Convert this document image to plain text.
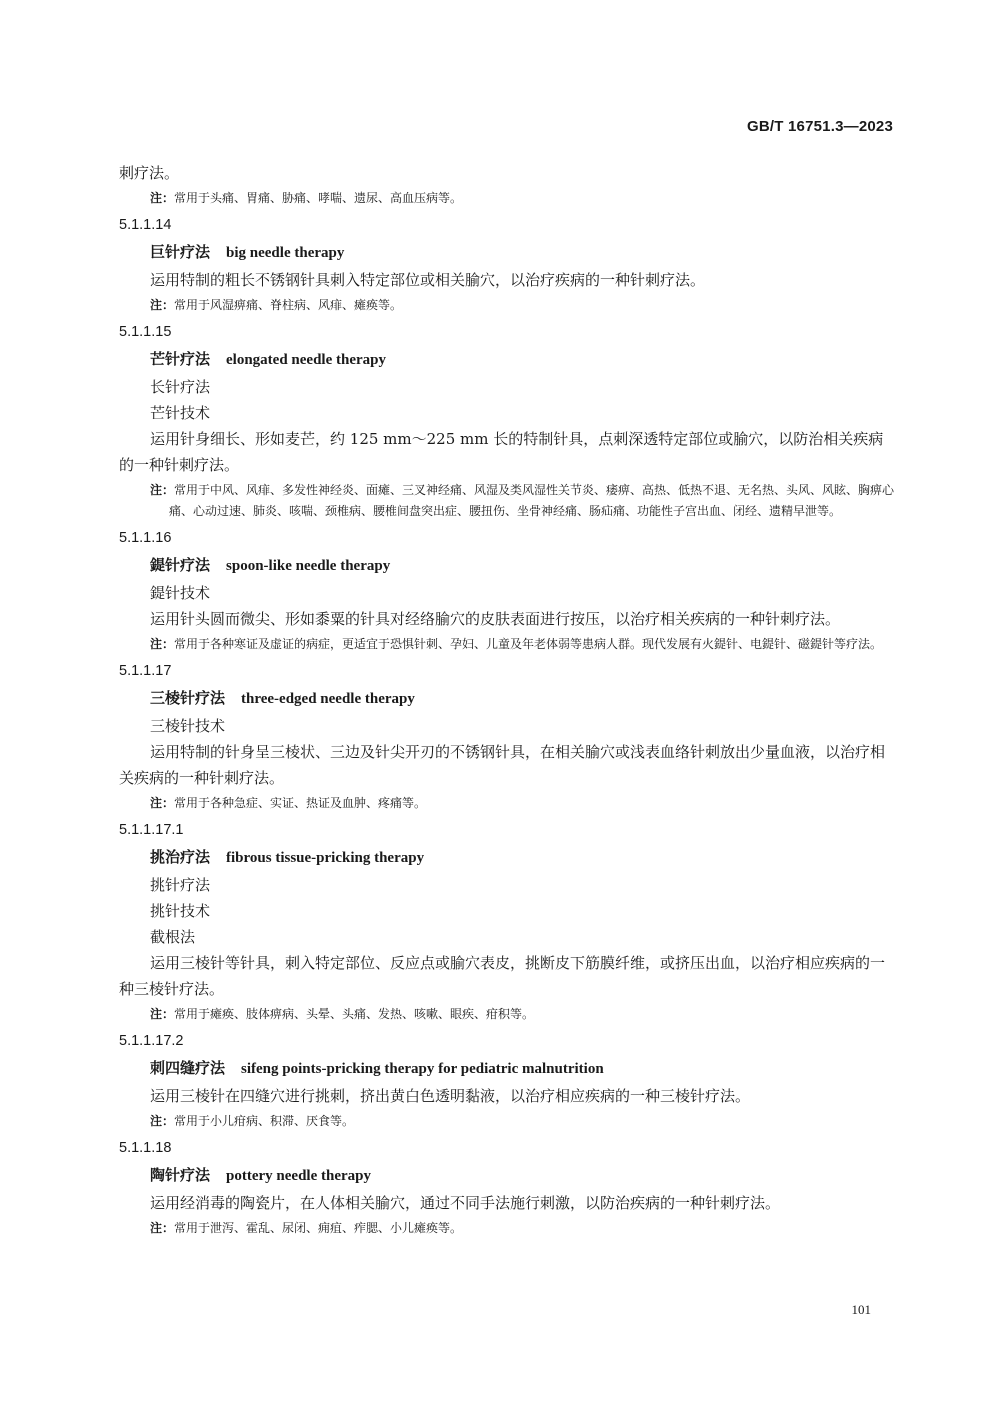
GB/T 16751.3—2023
刺疗法。
注：常用于头痛、胃痛、胁痛、哮喘、遗尿、高血压病等。
5.1.1.14
巨针疗法 big needle therapy
运用特制的粗长不锈钢针具刺入特定部位或相关腧穴，以治疗疾病的一种针刺疗法。
注：常用于风湿痹痛、脊柱病、风痱、瘫痪等。
5.1.1.15
芒针疗法 elongated needle therapy
长针疗法
芒针技术
运用针身细长、形如麦芒，约 125 mm～225 mm 长的特制针具，点刺深透特定部位或腧穴，以防治相关疾病的一种针刺疗法。
注：常用于中风、风痱、多发性神经炎、面瘫、三叉神经痛、风湿及类风湿性关节炎、痿痹、高热、低热不退、无名热、头风、风眩、胸痹心痛、心动过速、肺炎、咳喘、颈椎病、腰椎间盘突出症、腰扭伤、坐骨神经痛、肠疝痛、功能性子宫出血、闭经、遗精早泄等。
5.1.1.16
鍉针疗法 spoon-like needle therapy
鍉针技术
运用针头圆而微尖、形如黍粟的针具对经络腧穴的皮肤表面进行按压，以治疗相关疾病的一种针刺疗法。
注：常用于各种寒证及虚证的病症，更适宜于恐惧针刺、孕妇、儿童及年老体弱等患病人群。现代发展有火鍉针、电鍉针、磁鍉针等疗法。
5.1.1.17
三棱针疗法 three-edged needle therapy
三棱针技术
运用特制的针身呈三棱状、三边及针尖开刃的不锈钢针具，在相关腧穴或浅表血络针刺放出少量血液，以治疗相关疾病的一种针刺疗法。
注：常用于各种急症、实证、热证及血肿、疼痛等。
5.1.1.17.1
挑治疗法 fibrous tissue-pricking therapy
挑针疗法
挑针技术
截根法
运用三棱针等针具，刺入特定部位、反应点或腧穴表皮，挑断皮下筋膜纤维，或挤压出血，以治疗相应疾病的一种三棱针疗法。
注：常用于瘫痪、肢体痹病、头晕、头痛、发热、咳嗽、眼疾、疳积等。
5.1.1.17.2
刺四缝疗法 sifeng points-pricking therapy for pediatric malnutrition
运用三棱针在四缝穴进行挑刺，挤出黄白色透明黏液，以治疗相应疾病的一种三棱针疗法。
注：常用于小儿疳病、积滞、厌食等。
5.1.1.18
陶针疗法 pottery needle therapy
运用经消毒的陶瓷片，在人体相关腧穴，通过不同手法施行刺激，以防治疾病的一种针刺疗法。
注：常用于泄泻、霍乱、尿闭、痈疽、痄腮、小儿瘫痪等。
101
